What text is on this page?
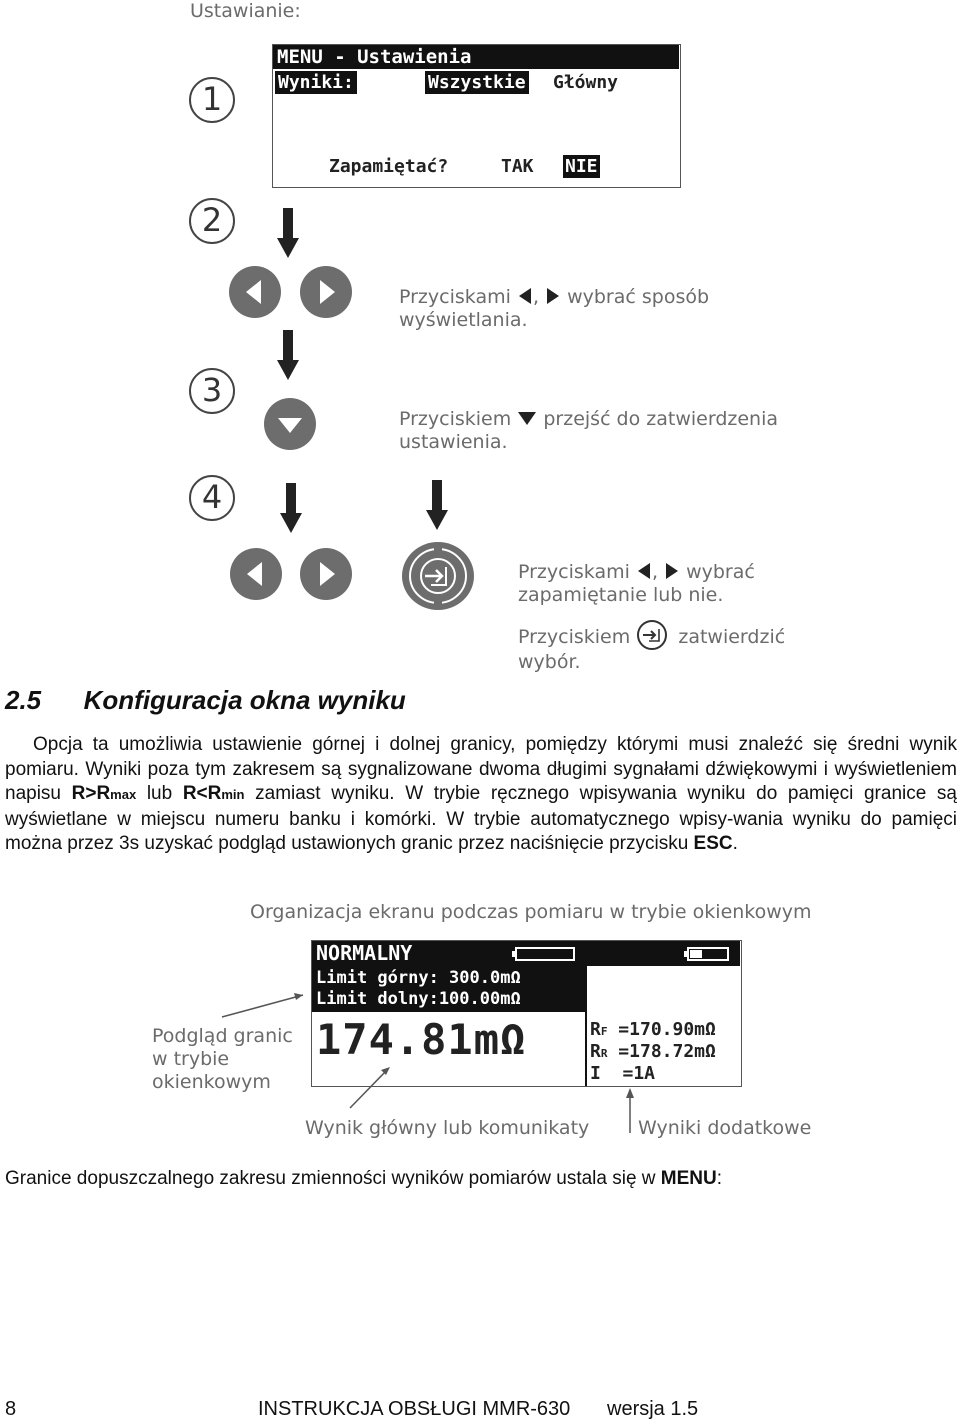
Ustawianie:
MENU - Ustawienia
Wyniki:	Wszystkie Główny
Zapamiętać?	TAK NIE
1
2
3
4
Przyciskami , wybrać sposób
wyświetlania.
Przyciskiem przejść do zatwierdzenia
ustawienia.
Przyciskami , wybrać
zapamiętanie lub nie.
Przyciskiem	zatwierdzić
wybór.
2.5 Konfiguracja okna wyniku
Opcja ta umożliwia ustawienie górnej i dolnej granicy, pomiędzy którymi musi znaleźć się średni wynik pomiaru. Wyniki poza tym zakresem są sygnalizowane dwoma długimi sygnałami dźwiękowymi i wyświetleniem napisu R>Rmax lub R<Rmin zamiast wyniku. W trybie ręcznego wpisywania wyniku do pamięci granice są wyświetlane w miejscu numeru banku i komórki. W trybie automatycznego wpisy-wania wyniku do pamięci można przez 3s uzyskać podgląd ustawionych granic przez naciśnięcie przycisku ESC.
Organizacja ekranu podczas pomiaru w trybie okienkowym
NORMALNY
Limit górny: 300.0mΩ
Limit dolny:100.00mΩ
174.81mΩ	RF =170.90mΩ
RR =178.72mΩ
I  =1A
Podgląd granic
w trybie
okienkowym
Wynik główny lub komunikaty	Wyniki dodatkowe
Granice dopuszczalnego zakresu zmienności wyników pomiarów ustala się w MENU:
8	INSTRUKCJA OBSŁUGI MMR-630 wersja 1.5
